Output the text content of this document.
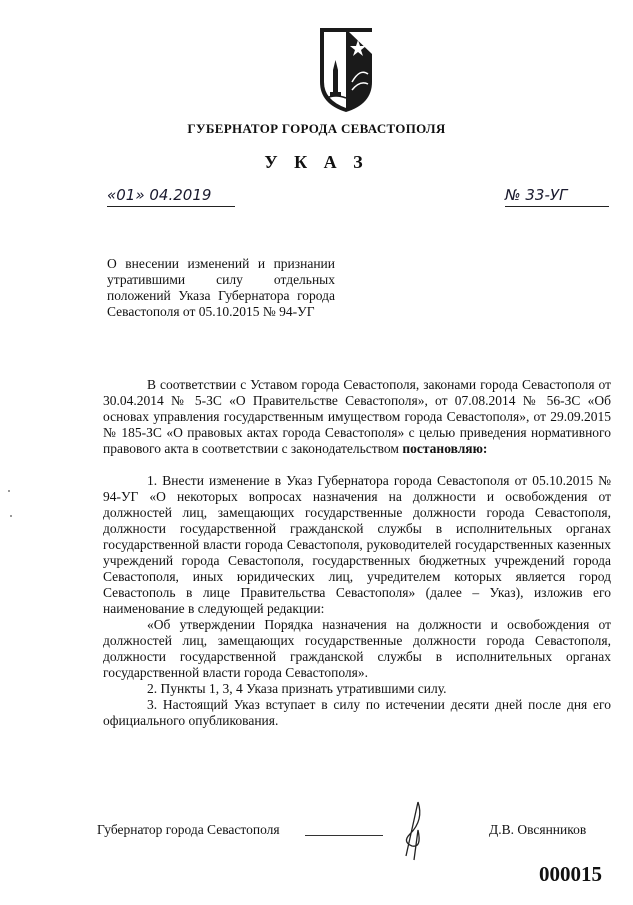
ГУБЕРНАТОР ГОРОДА СЕВАСТОПОЛЯ
У К А З
«01» 04.2019	№ 33-УГ
О внесении изменений и признании утратившими силу отдельных положений Указа Губернатора города Севастополя от 05.10.2015 № 94-УГ

В соответствии с Уставом города Севастополя, законами города Севастополя от 30.04.2014 № 5-ЗС «О Правительстве Севастополя», от 07.08.2014 № 56-ЗС «Об основах управления государственным имуществом города Севастополя», от 29.09.2015 № 185-ЗС «О правовых актах города Севастополя» с целью приведения нормативного правового акта в соответствии с законодательством постановляю:

1. Внести изменение в Указ Губернатора города Севастополя от 05.10.2015 № 94-УГ «О некоторых вопросах назначения на должности и освобождения от должностей лиц, замещающих государственные должности города Севастополя, должности государственной гражданской службы в исполнительных органах государственной власти города Севастополя, руководителей государственных казенных учреждений города Севастополя, государственных бюджетных учреждений города Севастополя, иных юридических лиц, учредителем которых является город Севастополь в лице Правительства Севастополя» (далее – Указ), изложив его наименование в следующей редакции:

«Об утверждении Порядка назначения на должности и освобождения от должностей лиц, замещающих государственные должности города Севастополя, должности государственной гражданской службы в исполнительных органах государственной власти города Севастополя».

2. Пункты 1, 3, 4 Указа признать утратившими силу.

3. Настоящий Указ вступает в силу по истечении десяти дней после дня его официального опубликования.

Губернатор города Севастополя	Д.В. Овсянников
000015
